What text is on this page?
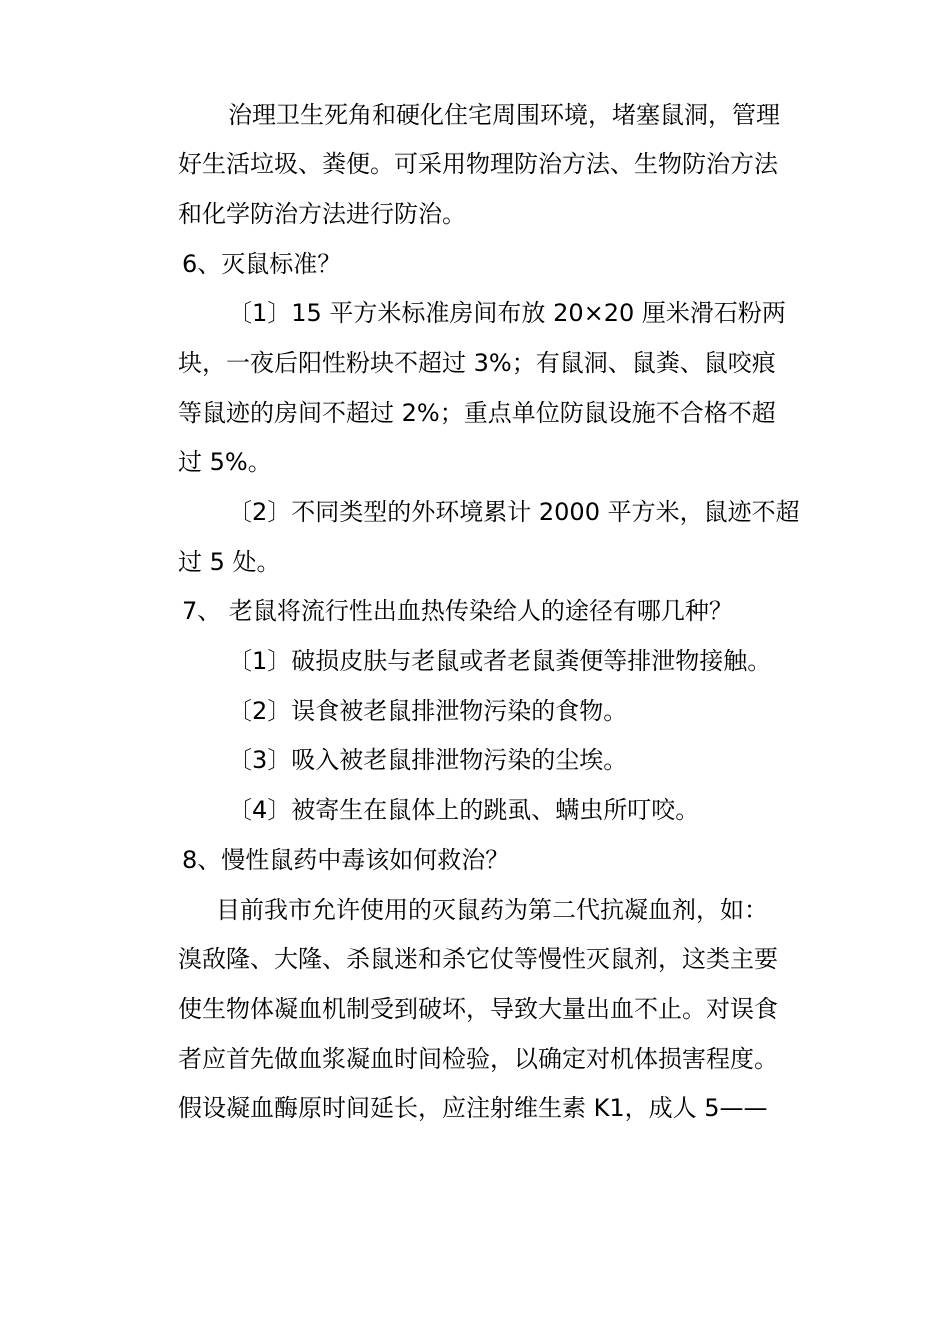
治理卫生死角和硬化住宅周围环境，堵塞鼠洞，管理
好生活垃圾、粪便。可采用物理防治方法、生物防治方法
和化学防治方法进行防治。
6、灭鼠标准？
〔1〕15 平方米标准房间布放 20×20 厘米滑石粉两
块，一夜后阳性粉块不超过 3%；有鼠洞、鼠粪、鼠咬痕
等鼠迹的房间不超过 2%；重点单位防鼠设施不合格不超
过 5%。
〔2〕不同类型的外环境累计 2000 平方米，鼠迹不超
过 5 处。
7、 老鼠将流行性出血热传染给人的途径有哪几种？
〔1〕破损皮肤与老鼠或者老鼠粪便等排泄物接触。
〔2〕误食被老鼠排泄物污染的食物。
〔3〕吸入被老鼠排泄物污染的尘埃。
〔4〕被寄生在鼠体上的跳虱、螨虫所叮咬。
8、慢性鼠药中毒该如何救治？
目前我市允许使用的灭鼠药为第二代抗凝血剂，如：
溴敌隆、大隆、杀鼠迷和杀它仗等慢性灭鼠剂，这类主要
使生物体凝血机制受到破坏，导致大量出血不止。对误食
者应首先做血浆凝血时间检验，以确定对机体损害程度。
假设凝血酶原时间延长，应注射维生素 K1，成人 5——
